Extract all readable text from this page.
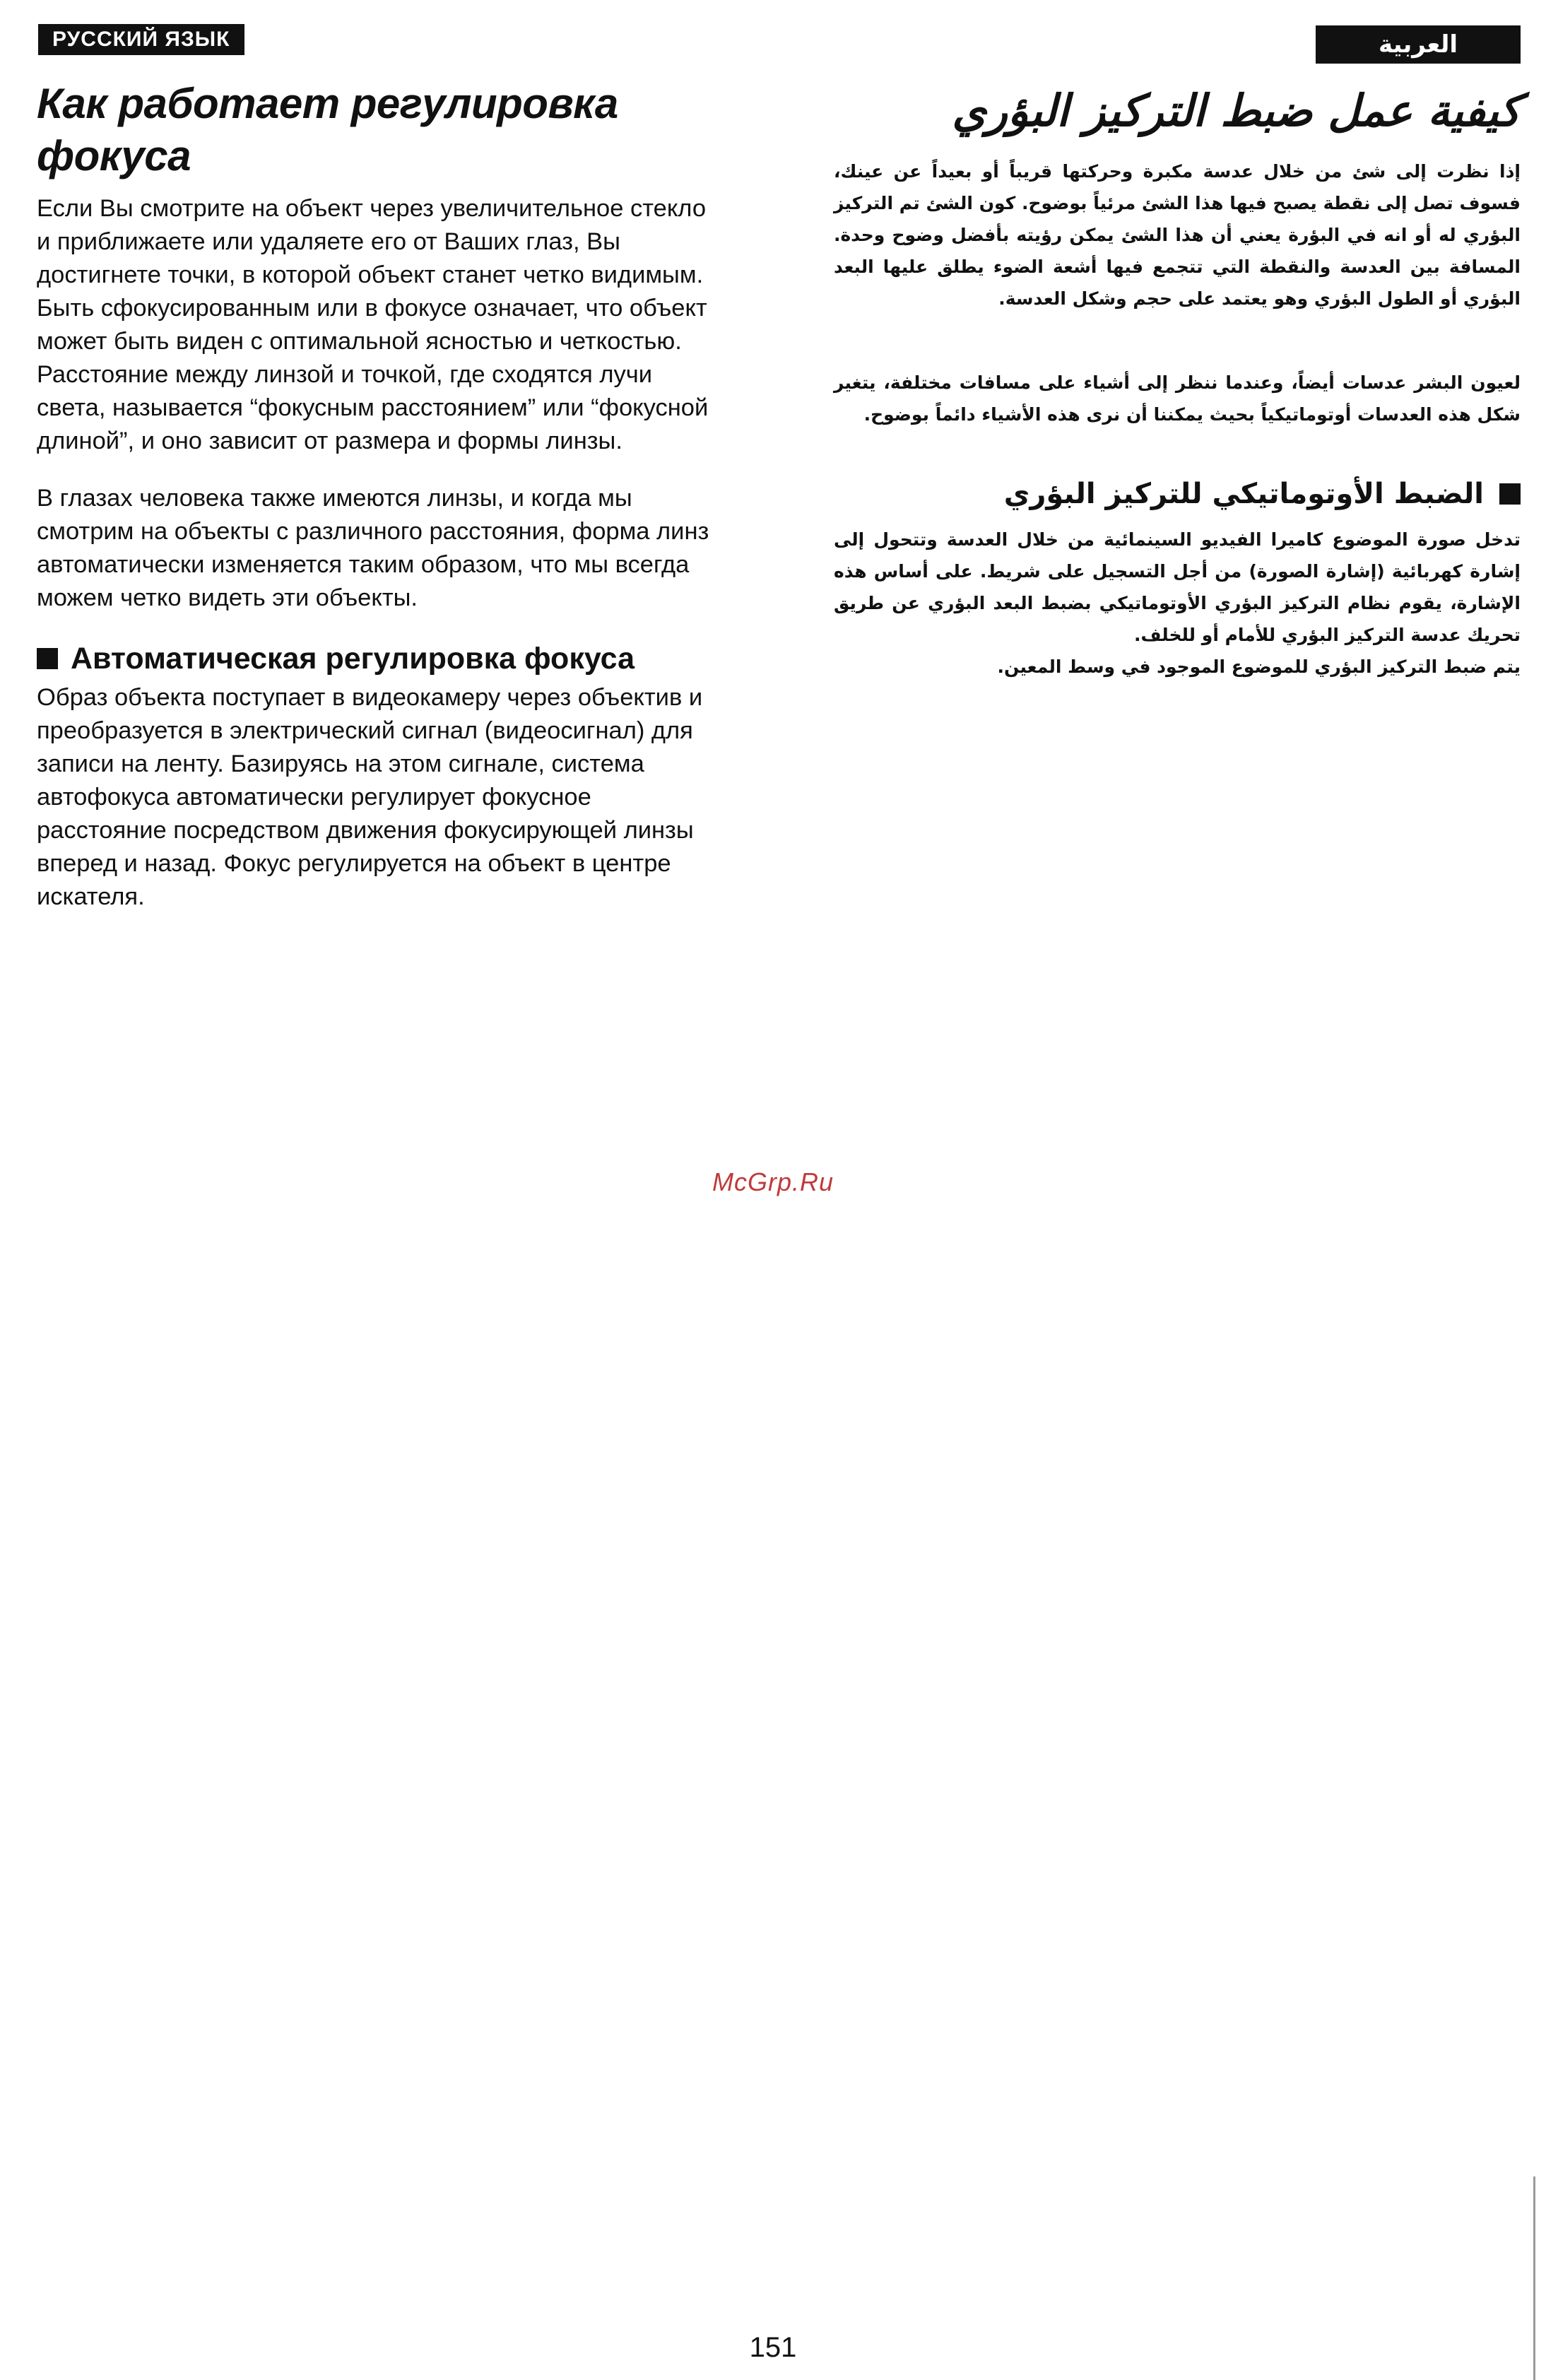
РУССКИЙ ЯЗЫК	العربية
Как работает регулировка фокуса

Если Вы смотрите на объект через увеличительное стекло и приближаете или удаляете его от Ваших глаз, Вы достигнете точки, в которой объект станет четко видимым.

Быть сфокусированным или в фокусе означает, что объект может быть виден с оптимальной ясностью и четкостью. Расстояние между линзой и точкой, где сходятся лучи света, называется “фокусным расстоянием” или “фокусной длиной”, и оно зависит от размера и формы линзы.

В глазах человека также имеются линзы, и когда мы смотрим на объекты с различного расстояния, форма линз автоматически изменяется таким образом, что мы всегда можем четко видеть эти объекты.

Автоматическая регулировка фокуса

Образ объекта поступает в видеокамеру через объектив и преобразуется в электрический сигнал (видеосигнал) для записи на ленту. Базируясь на этом сигнале, система автофокуса автоматически регулирует фокусное расстояние посредством движения фокусирующей линзы вперед и назад. Фокус регулируется на объект в центре искателя.

كيفية عمل ضبط التركيز البؤري

إذا نظرت إلى شئ من خلال عدسة مكبرة وحركتها قريباً أو بعيداً عن عينك، فسوف تصل إلى نقطة يصبح فيها هذا الشئ مرئياً بوضوح. كون الشئ تم التركيز البؤري له أو انه في البؤرة يعني أن هذا الشئ يمكن رؤيته بأفضل وضوح وحدة. المسافة بين العدسة والنقطة التي تتجمع فيها أشعة الضوء يطلق عليها البعد البؤري أو الطول البؤري وهو يعتمد على حجم وشكل العدسة.

لعيون البشر عدسات أيضاً، وعندما ننظر إلى أشياء على مسافات مختلفة، يتغير شكل هذه العدسات أوتوماتيكياً بحيث يمكننا أن نرى هذه الأشياء دائماً بوضوح.

الضبط الأوتوماتيكي للتركيز البؤري

تدخل صورة الموضوع كاميرا الفيديو السينمائية من خلال العدسة وتتحول إلى إشارة كهربائية (إشارة الصورة) من أجل التسجيل على شريط. على أساس هذه الإشارة، يقوم نظام التركيز البؤري الأوتوماتيكي بضبط البعد البؤري عن طريق تحريك عدسة التركيز البؤري للأمام أو للخلف.

يتم ضبط التركيز البؤري للموضوع الموجود في وسط المعين.

McGrp.Ru
151
